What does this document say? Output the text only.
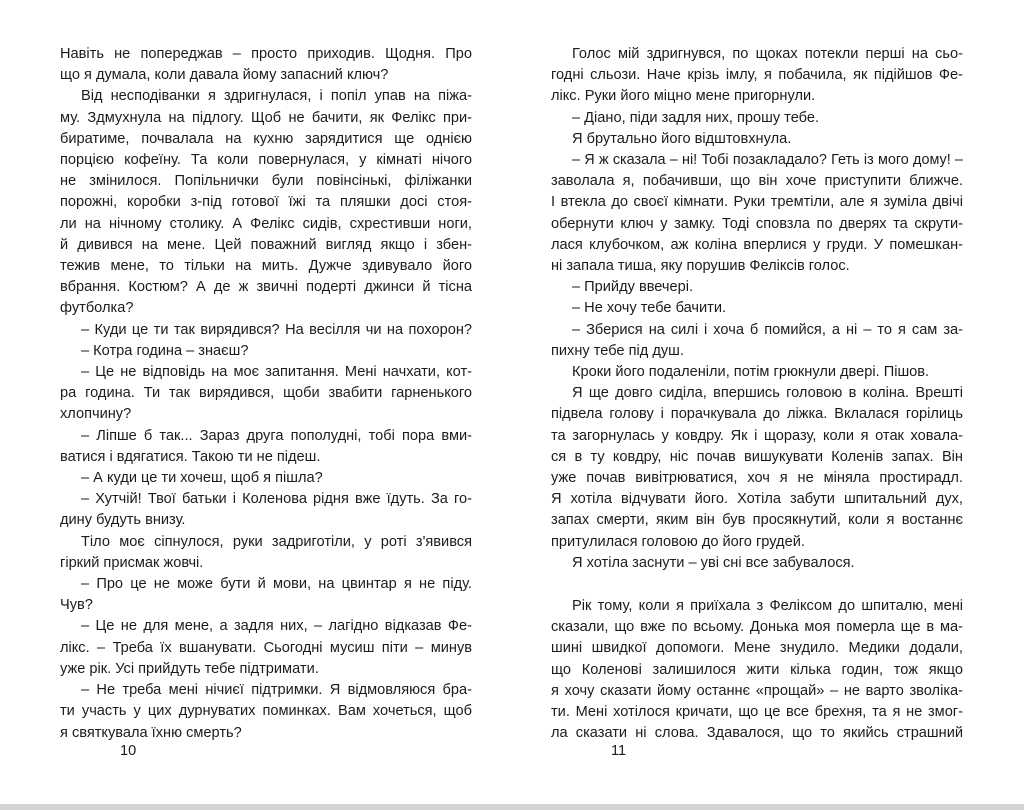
Навіть не попереджав – просто приходив. Щодня. Про

що я думала, коли давала йому запасний ключ?

Від несподіванки я здригнулася, і попіл упав на піжа-

му. Здмухнула на підлогу. Щоб не бачити, як Фелікс при-

биратиме, почвалала на кухню зарядитися ще однією

порцією кофеїну. Та коли повернулася, у кімнаті нічого

не змінилося. Попільнички були повінсінькі, філіжанки

порожні, коробки з-під готової їжі та пляшки досі стоя-

ли на нічному столику. А Фелікс сидів, схрестивши ноги,

й дивився на мене. Цей поважний вигляд якщо і збен-

тежив мене, то тільки на мить. Дужче здивувало його

вбрання. Костюм? А де ж звичні подерті джинси й тісна

футболка?

– Куди це ти так вирядився? На весілля чи на похорон?

– Котра година – знаєш?

– Це не відповідь на моє запитання. Мені начхати, кот-

ра година. Ти так вирядився, щоби звабити гарненького

хлопчину?

– Ліпше б так... Зараз друга пополудні, тобі пора вми-

ватися і вдягатися. Такою ти не підеш.

– А куди це ти хочеш, щоб я пішла?

– Хутчій! Твої батьки і Коленова рідня вже їдуть. За го-

дину будуть внизу.

Тіло моє сіпнулося, руки задриготіли, у роті з'явився

гіркий присмак жовчі.

– Про це не може бути й мови, на цвинтар я не піду.

Чув?

– Це не для мене, а задля них, – лагідно відказав Фе-

лікс. – Треба їх вшанувати. Сьогодні мусиш піти – минув

уже рік. Усі прийдуть тебе підтримати.

– Не треба мені нічиєї підтримки. Я відмовляюся бра-

ти участь у цих дурнуватих поминках. Вам хочеться, щоб

я святкувала їхню смерть?

10

Голос мій здригнувся, по щоках потекли перші на сьо-

годні сльози. Наче крізь імлу, я побачила, як підійшов Фе-

лікс. Руки його міцно мене пригорнули.

– Діано, піди задля них, прошу тебе.

Я брутально його відштовхнула.

– Я ж сказала – ні! Тобі позакладало? Геть із мого дому! –

заволала я, побачивши, що він хоче приступити ближче.

І втекла до своєї кімнати. Руки тремтіли, але я зуміла двічі

обернути ключ у замку. Тоді сповзла по дверях та скрути-

лася клубочком, аж коліна вперлися у груди. У помешкан-

ні запала тиша, яку порушив Феліксів голос.

– Прийду ввечері.

– Не хочу тебе бачити.

– Зберися на силі і хоча б помийся, а ні – то я сам за-

пихну тебе під душ.

Кроки його подаленіли, потім грюкнули двері. Пішов.

Я ще довго сиділа, впершись головою в коліна. Врешті

підвела голову і порачкувала до ліжка. Вклалася горілиць

та загорнулась у ковдру. Як і щоразу, коли я отак ховала-

ся в ту ковдру, ніс почав вишукувати Коленів запах. Він

уже почав вивітрюватися, хоч я не міняла простирадл.

Я хотіла відчувати його. Хотіла забути шпитальний дух,

запах смерти, яким він був просякнутий, коли я востаннє

притулилася головою до його грудей.

Я хотіла заснути – уві сні все забувалося.

Рік тому, коли я приїхала з Феліксом до шпиталю, мені

сказали, що вже по всьому. Донька моя померла ще в ма-

шині швидкої допомоги. Мене знудило. Медики додали,

що Коленові залишилося жити кілька годин, тож якщо

я хочу сказати йому останнє «прощай» – не варто зволіка-

ти. Мені хотілося кричати, що це все брехня, та я не змог-

ла сказати ні слова. Здавалося, що то якийсь страшний

11
